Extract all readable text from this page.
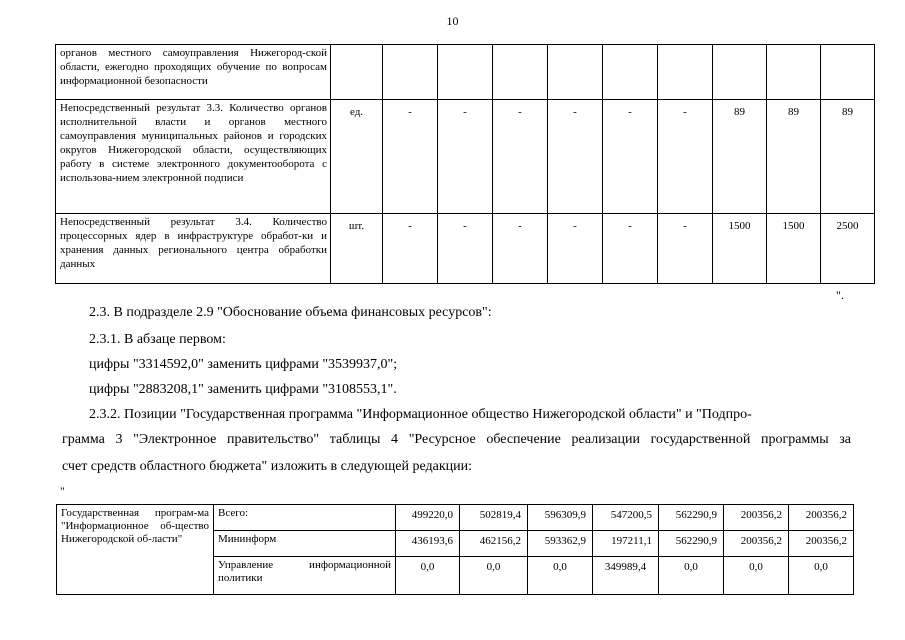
10
органов местного самоуправления Нижегород-ской области, ежегодно проходящих обучение по вопросам информационной безопасности										
Непосредственный результат 3.3. Количество органов исполнительной власти и органов местного самоуправления муниципальных районов и городских округов Нижегородской области, осуществляющих работу в системе электронного документооборота с использова-нием электронной подписи	ед.	-	-	-	-	-	-	89	89	89
Непосредственный результат 3.4. Количество процессорных ядер в инфраструктуре обработ-ки и хранения данных регионального центра обработки данных	шт.	-	-	-	-	-	-	1500	1500	2500
".
2.3. В подразделе 2.9 "Обоснование объема финансовых ресурсов":
2.3.1. В абзаце первом:
цифры "3314592,0" заменить цифрами "3539937,0";
цифры "2883208,1" заменить цифрами "3108553,1".
2.3.2. Позиции "Государственная программа "Информационное общество Нижегородской области" и "Подпро-
грамма 3 "Электронное правительство" таблицы 4 "Ресурсное обеспечение реализации государственной программы за
счет средств областного бюджета" изложить в следующей редакции:
"
Государственная програм-ма "Информационное об-щество Нижегородской об-ласти"	Всего:	499220,0	502819,4	596309,9	547200,5	562290,9	200356,2	200356,2
	Мининформ	436193,6	462156,2	593362,9	197211,1	562290,9	200356,2	200356,2
	Управление информационной политики	0,0	0,0	0,0	349989,4	0,0	0,0	0,0
